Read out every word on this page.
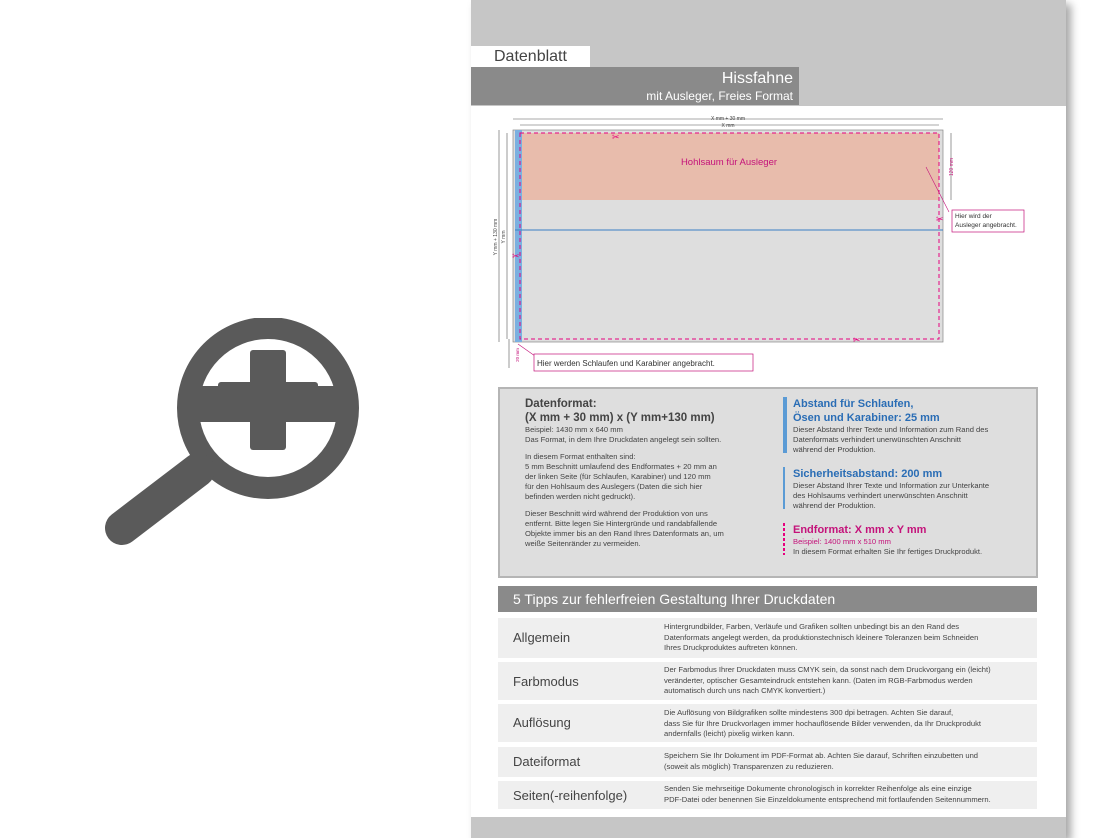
Datenblatt
Hissfahne
mit Ausleger, Freies Format
X mm + 30 mm
X mm
Y mm + 130 mm Y mm
120 mm
20 mm
✂
✂
✂
✂
Hohlsaum für Ausleger
Hier wird der
Ausleger angebracht.
Hier werden Schlaufen und Karabiner angebracht.
Datenformat:
(X mm + 30 mm) x (Y mm+130 mm)

Beispiel: 1430 mm x 640 mm
Das Format, in dem Ihre Druckdaten angelegt sein sollten.

In diesem Format enthalten sind:
5 mm Beschnitt umlaufend des Endformates + 20 mm an
der linken Seite (für Schlaufen, Karabiner) und 120 mm
für den Hohlsaum des Auslegers (Daten die sich hier
befinden werden nicht gedruckt).

Dieser Beschnitt wird während der Produktion von uns
entfernt. Bitte legen Sie Hintergründe und randabfallende
Objekte immer bis an den Rand Ihres Datenformats an, um
weiße Seitenränder zu vermeiden.

Abstand für Schlaufen,
Ösen und Karabiner: 25 mm
Dieser Abstand Ihrer Texte und Information zum Rand des
Datenformats verhindert unerwünschten Anschnitt
während der Produktion.
Sicherheitsabstand: 200 mm
Dieser Abstand Ihrer Texte und Information zur Unterkante
des Hohlsaums verhindert unerwünschten Anschnitt
während der Produktion.
Endformat: X mm x Y mm
Beispiel: 1400 mm x 510 mm
In diesem Format erhalten Sie Ihr fertiges Druckprodukt.
5 Tipps zur fehlerfreien Gestaltung Ihrer Druckdaten
Allgemein
Hintergrundbilder, Farben, Verläufe und Grafiken sollten unbedingt bis an den Rand des
Datenformats angelegt werden, da produktionstechnisch kleinere Toleranzen beim Schneiden
Ihres Druckproduktes auftreten können.
Farbmodus
Der Farbmodus Ihrer Druckdaten muss CMYK sein, da sonst nach dem Druckvorgang ein (leicht)
veränderter, optischer Gesamteindruck entstehen kann. (Daten im RGB-Farbmodus werden
automatisch durch uns nach CMYK konvertiert.)
Auflösung
Die Auflösung von Bildgrafiken sollte mindestens 300 dpi betragen. Achten Sie darauf,
dass Sie für Ihre Druckvorlagen immer hochauflösende Bilder verwenden, da Ihr Druckprodukt
andernfalls (leicht) pixelig wirken kann.
Dateiformat	Speichern Sie Ihr Dokument im PDF-Format ab. Achten Sie darauf, Schriften einzubetten und
(soweit als möglich) Transparenzen zu reduzieren.
Seiten(-reihenfolge)	Senden Sie mehrseitige Dokumente chronologisch in korrekter Reihenfolge als eine einzige
PDF-Datei oder benennen Sie Einzeldokumente entsprechend mit fortlaufenden Seitennummern.
